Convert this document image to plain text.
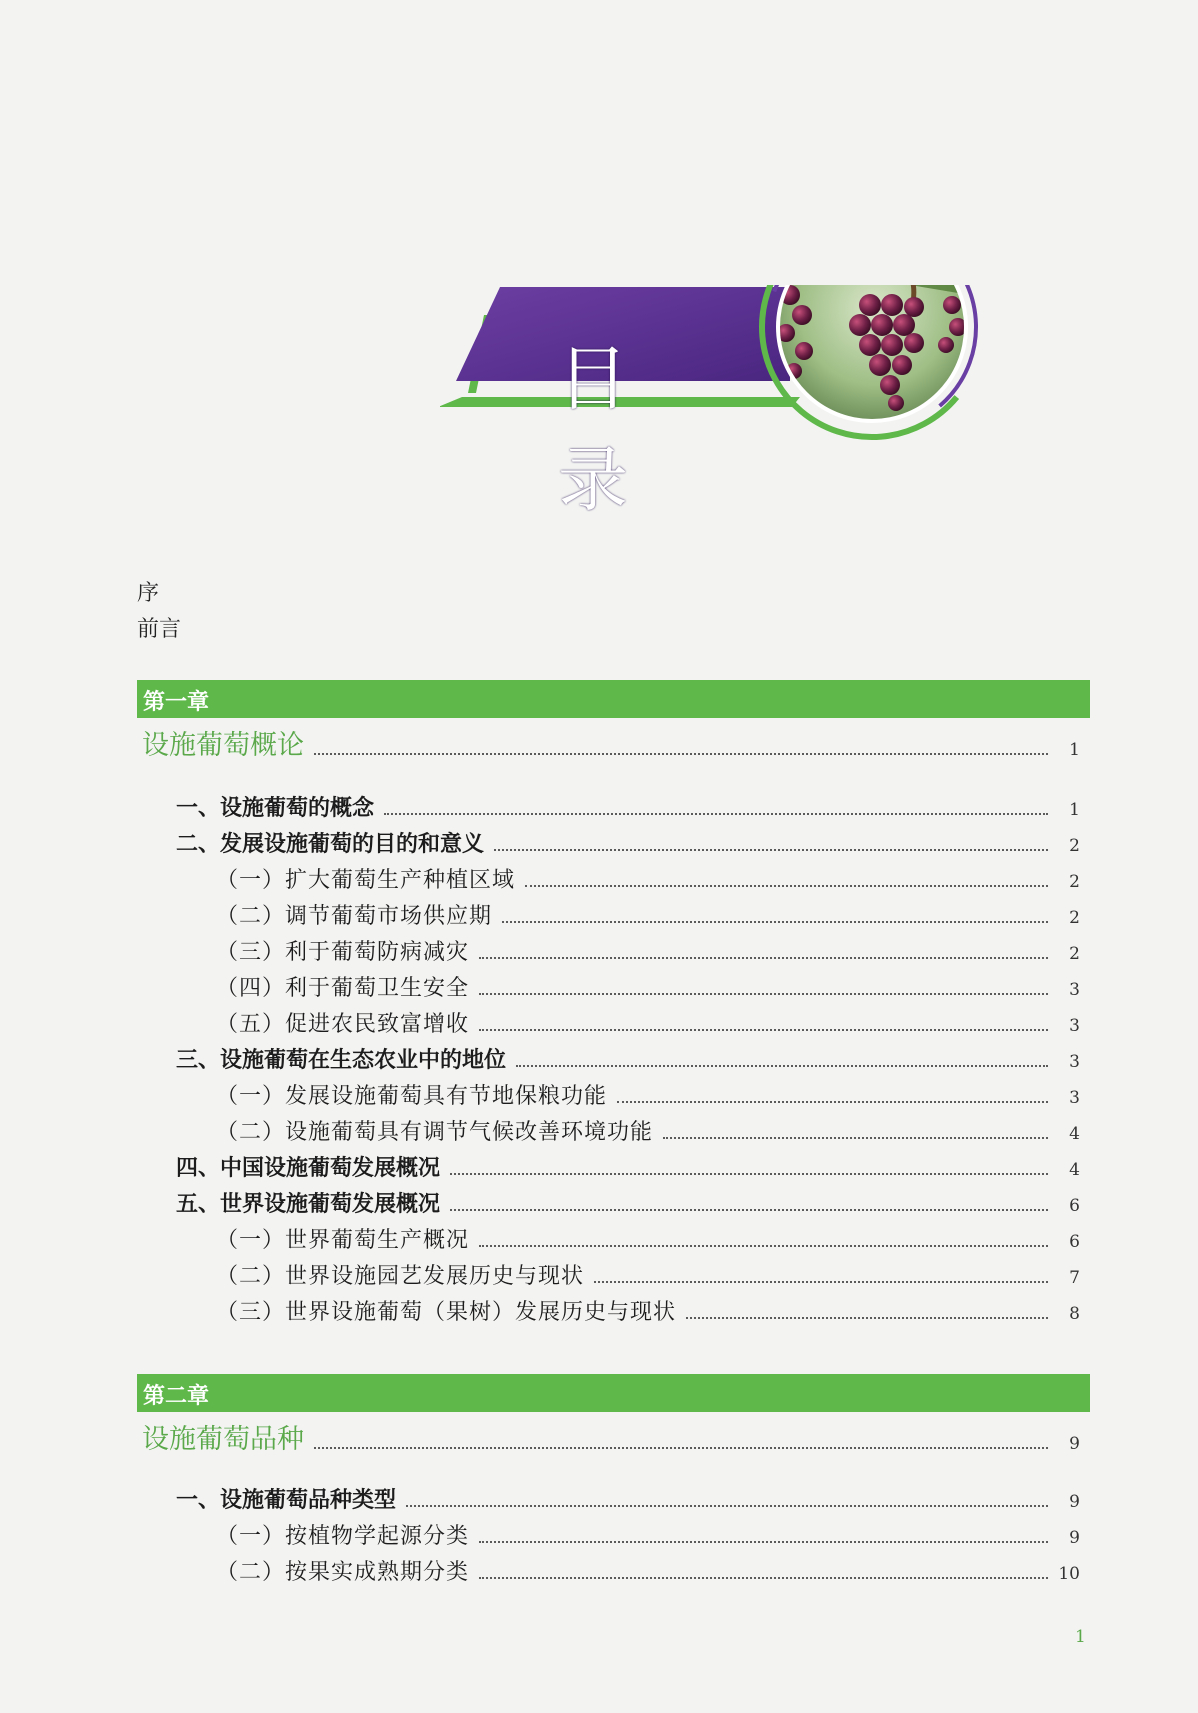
目 录
序
前言
第一章
设施葡萄概论	1
一、设施葡萄的概念	1
二、发展设施葡萄的目的和意义	2
（一）扩大葡萄生产种植区域	2
（二）调节葡萄市场供应期	2
（三）利于葡萄防病减灾	2
（四）利于葡萄卫生安全	3
（五）促进农民致富增收	3
三、设施葡萄在生态农业中的地位	3
（一）发展设施葡萄具有节地保粮功能	3
（二）设施葡萄具有调节气候改善环境功能	4
四、中国设施葡萄发展概况	4
五、世界设施葡萄发展概况	6
（一）世界葡萄生产概况	6
（二）世界设施园艺发展历史与现状	7
（三）世界设施葡萄（果树）发展历史与现状	8
第二章
设施葡萄品种	9
一、设施葡萄品种类型	9
（一）按植物学起源分类	9
（二）按果实成熟期分类	10
1
